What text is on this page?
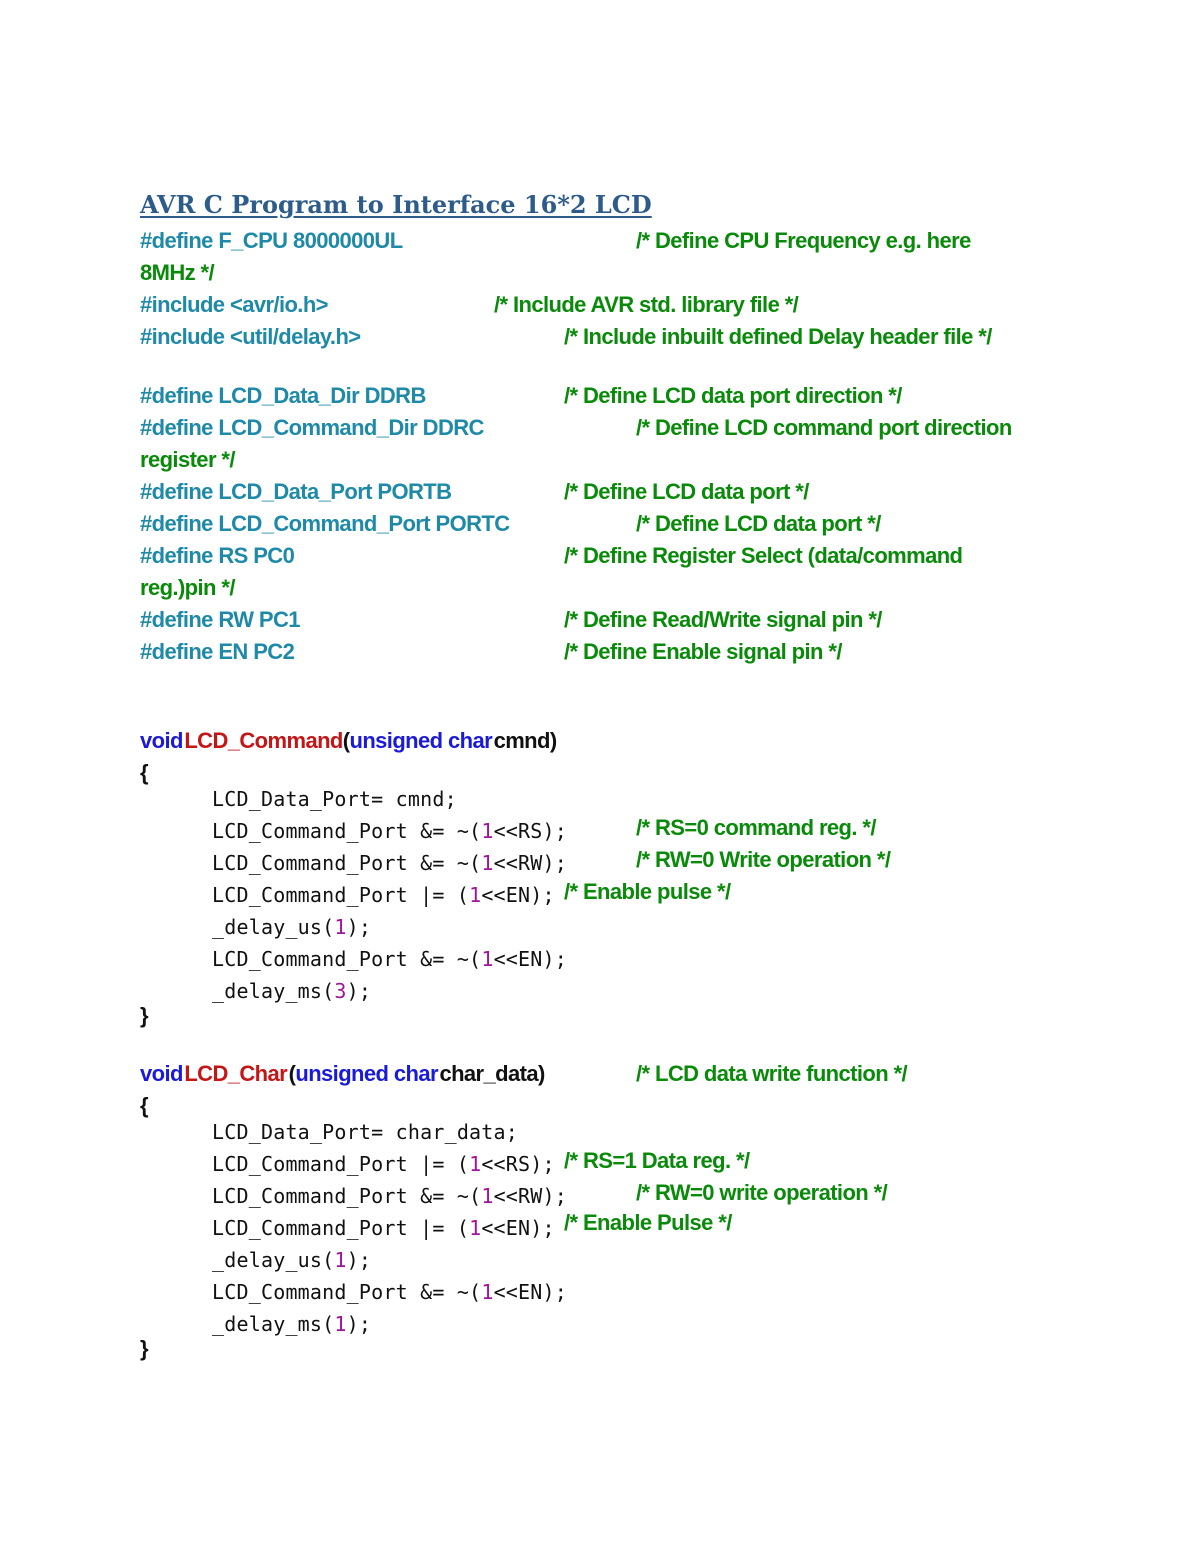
AVR C Program to Interface 16*2 LCD
#define F_CPU 8000000UL	/* Define CPU Frequency e.g. here
8MHz */
#include <avr/io.h>	/* Include AVR std. library file */
#include <util/delay.h>	/* Include inbuilt defined Delay header file */
#define LCD_Data_Dir DDRB	/* Define LCD data port direction */
#define LCD_Command_Dir DDRC	/* Define LCD command port direction
register */
#define LCD_Data_Port PORTB	/* Define LCD data port */
#define LCD_Command_Port PORTC	/* Define LCD data port */
#define RS PC0	/* Define Register Select (data/command
reg.)pin */
#define RW PC1	/* Define Read/Write signal pin */
#define EN PC2	/* Define Enable signal pin */
void LCD_Command(unsigned char cmnd)
{
LCD_Data_Port= cmnd;
LCD_Command_Port &= ~(1<<RS);	/* RS=0 command reg. */
LCD_Command_Port &= ~(1<<RW);	/* RW=0 Write operation */
LCD_Command_Port |= (1<<EN); /* Enable pulse */
_delay_us(1);
LCD_Command_Port &= ~(1<<EN);
_delay_ms(3);
}
void LCD_Char (unsigned char char_data)	/* LCD data write function */
{
LCD_Data_Port= char_data;
LCD_Command_Port |= (1<<RS); /* RS=1 Data reg. */
LCD_Command_Port &= ~(1<<RW);	/* RW=0 write operation */
LCD_Command_Port |= (1<<EN); /* Enable Pulse */
_delay_us(1);
LCD_Command_Port &= ~(1<<EN);
_delay_ms(1);
}
